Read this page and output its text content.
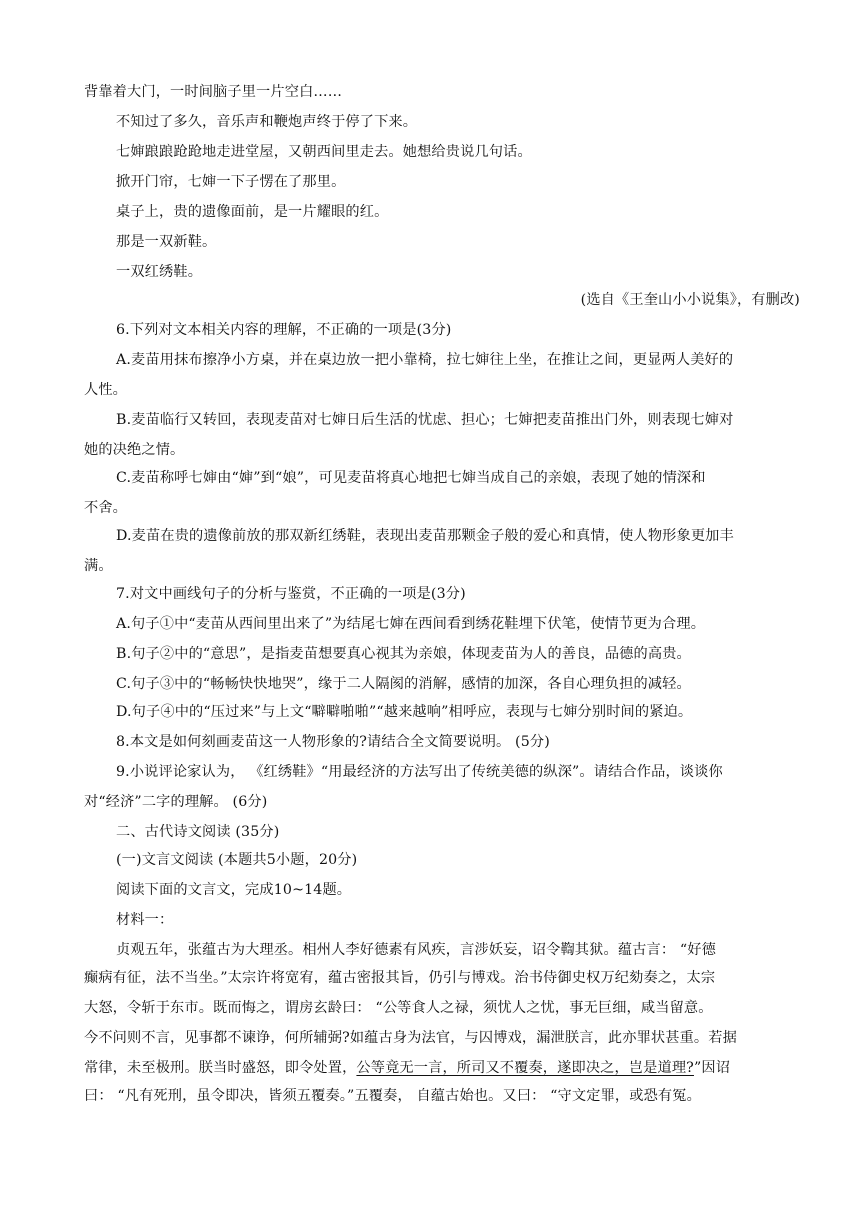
背靠着大门，一时间脑子里一片空白……
不知过了多久，音乐声和鞭炮声终于停了下来。
七婶踉踉跄跄地走进堂屋，又朝西间里走去。她想给贵说几句话。
掀开门帘，七婶一下子愣在了那里。
桌子上，贵的遗像面前，是一片耀眼的红。
那是一双新鞋。
一双红绣鞋。
(选自《王奎山小小说集》，有删改)
6.下列对文本相关内容的理解，不正确的一项是(3分)
A.麦苗用抹布擦净小方桌，并在桌边放一把小靠椅，拉七婶往上坐，在推让之间，更显两人美好的
人性。
B.麦苗临行又转回，表现麦苗对七婶日后生活的忧虑、担心；七婶把麦苗推出门外，则表现七婶对
她的决绝之情。
C.麦苗称呼七婶由“婶”到“娘”，可见麦苗将真心地把七婶当成自己的亲娘，表现了她的情深和
不舍。
D.麦苗在贵的遗像前放的那双新红绣鞋，表现出麦苗那颗金子般的爱心和真情，使人物形象更加丰
满。
7.对文中画线句子的分析与鉴赏，不正确的一项是(3分)
A.句子①中“麦苗从西间里出来了”为结尾七婶在西间看到绣花鞋埋下伏笔，使情节更为合理。
B.句子②中的“意思”，是指麦苗想要真心视其为亲娘，体现麦苗为人的善良，品德的高贵。
C.句子③中的“畅畅快快地哭”，缘于二人隔阂的消解，感情的加深，各自心理负担的减轻。
D.句子④中的“压过来”与上文“噼噼啪啪”“越来越响”相呼应，表现与七婶分别时间的紧迫。
8.本文是如何刻画麦苗这一人物形象的?请结合全文简要说明。 (5分)
9.小说评论家认为， 《红绣鞋》“用最经济的方法写出了传统美德的纵深”。请结合作品，谈谈你
对“经济”二字的理解。 (6分)
二、古代诗文阅读 (35分)
(一)文言文阅读 (本题共5小题，20分)
阅读下面的文言文，完成10~14题。
材料一：
贞观五年，张蕴古为大理丞。相州人李好德素有风疾，言涉妖妄，诏令鞫其狱。蕴古言： “好德
癫病有征，法不当坐。”太宗许将宽宥，蕴古密报其旨，仍引与博戏。治书侍御史权万纪劾奏之，太宗
大怒，令斩于东市。既而悔之，谓房玄龄曰： “公等食人之禄，须忧人之忧，事无巨细，咸当留意。
今不问则不言，见事都不谏诤，何所辅弼?如蕴古身为法官，与囚博戏，漏泄朕言，此亦罪状甚重。若据
常律，未至极刑。朕当时盛怒，即令处置，公等竟无一言，所司又不覆奏，遂即决之，岂是道理?”因诏
曰： “凡有死刑，虽令即决，皆须五覆奏。”五覆奏， 自蕴古始也。又曰： “守文定罪，或恐有冤。
